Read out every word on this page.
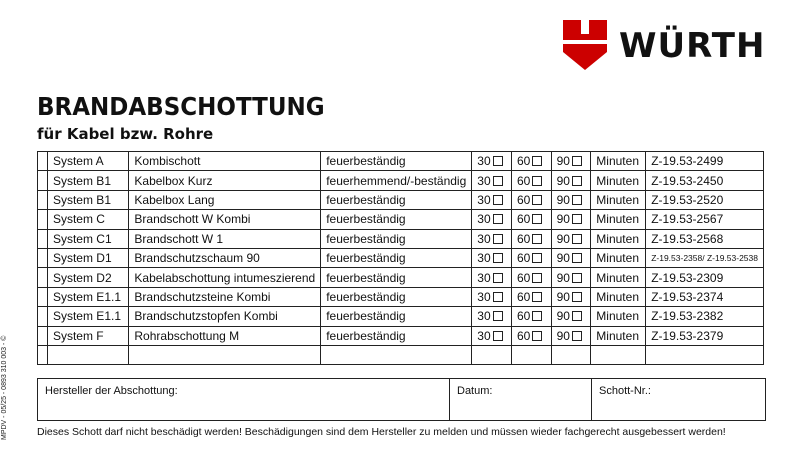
WÜRTH
BRANDABSCHOTTUNG
für Kabel bzw. Rohre
	System A	Kombischott	feuerbeständig	30	60	90	Minuten	Z-19.53-2499
	System B1	Kabelbox Kurz	feuerhemmend/-beständig	30	60	90	Minuten	Z-19.53-2450
	System B1	Kabelbox Lang	feuerbeständig	30	60	90	Minuten	Z-19.53-2520
	System C	Brandschott W Kombi	feuerbeständig	30	60	90	Minuten	Z-19.53-2567
	System C1	Brandschott W 1	feuerbeständig	30	60	90	Minuten	Z-19.53-2568
	System D1	Brandschutzschaum 90	feuerbeständig	30	60	90	Minuten	Z-19.53-2358/ Z-19.53-2538
	System D2	Kabelabschottung intumeszierend	feuerbeständig	30	60	90	Minuten	Z-19.53-2309
	System E1.1	Brandschutzsteine Kombi	feuerbeständig	30	60	90	Minuten	Z-19.53-2374
	System E1.1	Brandschutzstopfen Kombi	feuerbeständig	30	60	90	Minuten	Z-19.53-2382
	System F	Rohrabschottung M	feuerbeständig	30	60	90	Minuten	Z-19.53-2379

Hersteller der Abschottung:	Datum:	Schott-Nr.:
Dieses Schott darf nicht beschädigt werden! Beschädigungen sind dem Hersteller zu melden und müssen wieder fachgerecht ausgebessert werden!
MPDV - 05/25 - 0893 310 003 - ©
